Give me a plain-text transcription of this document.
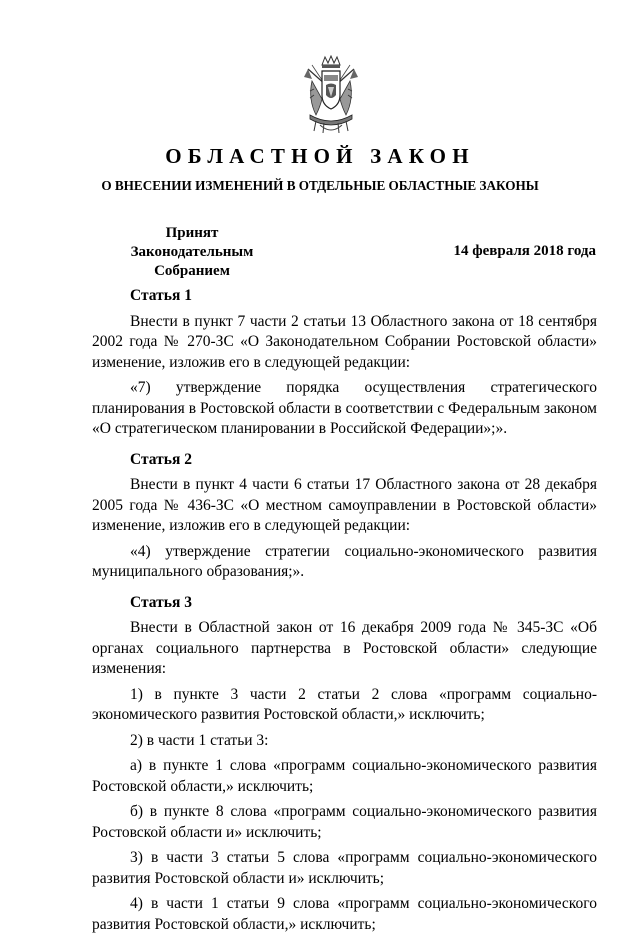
ОБЛАСТНОЙ ЗАКОН
О ВНЕСЕНИИ ИЗМЕНЕНИЙ В ОТДЕЛЬНЫЕ ОБЛАСТНЫЕ ЗАКОНЫ
Принят
Законодательным Собранием
14 февраля 2018 года
Статья 1

Внести в пункт 7 части 2 статьи 13 Областного закона от 18 сентября 2002 года № 270-ЗС «О Законодательном Собрании Ростовской области» изменение, изложив его в следующей редакции:

«7) утверждение порядка осуществления стратегического планирования в Ростовской области в соответствии с Федеральным законом «О стратегическом планировании в Российской Федерации»;».

Статья 2

Внести в пункт 4 части 6 статьи 17 Областного закона от 28 декабря 2005 года № 436-ЗС «О местном самоуправлении в Ростовской области» изменение, изложив его в следующей редакции:

«4) утверждение стратегии социально-экономического развития муниципального образования;».

Статья 3

Внести в Областной закон от 16 декабря 2009 года № 345-ЗС «Об органах социального партнерства в Ростовской области» следующие изменения:

1) в пункте 3 части 2 статьи 2 слова «программ социально-экономического развития Ростовской области,» исключить;

2) в части 1 статьи 3:

а) в пункте 1 слова «программ социально-экономического развития Ростовской области,» исключить;

б) в пункте 8 слова «программ социально-экономического развития Ростовской области и» исключить;

3) в части 3 статьи 5 слова «программ социально-экономического развития Ростовской области и» исключить;

4) в части 1 статьи 9 слова «программ социально-экономического развития Ростовской области,» исключить;
